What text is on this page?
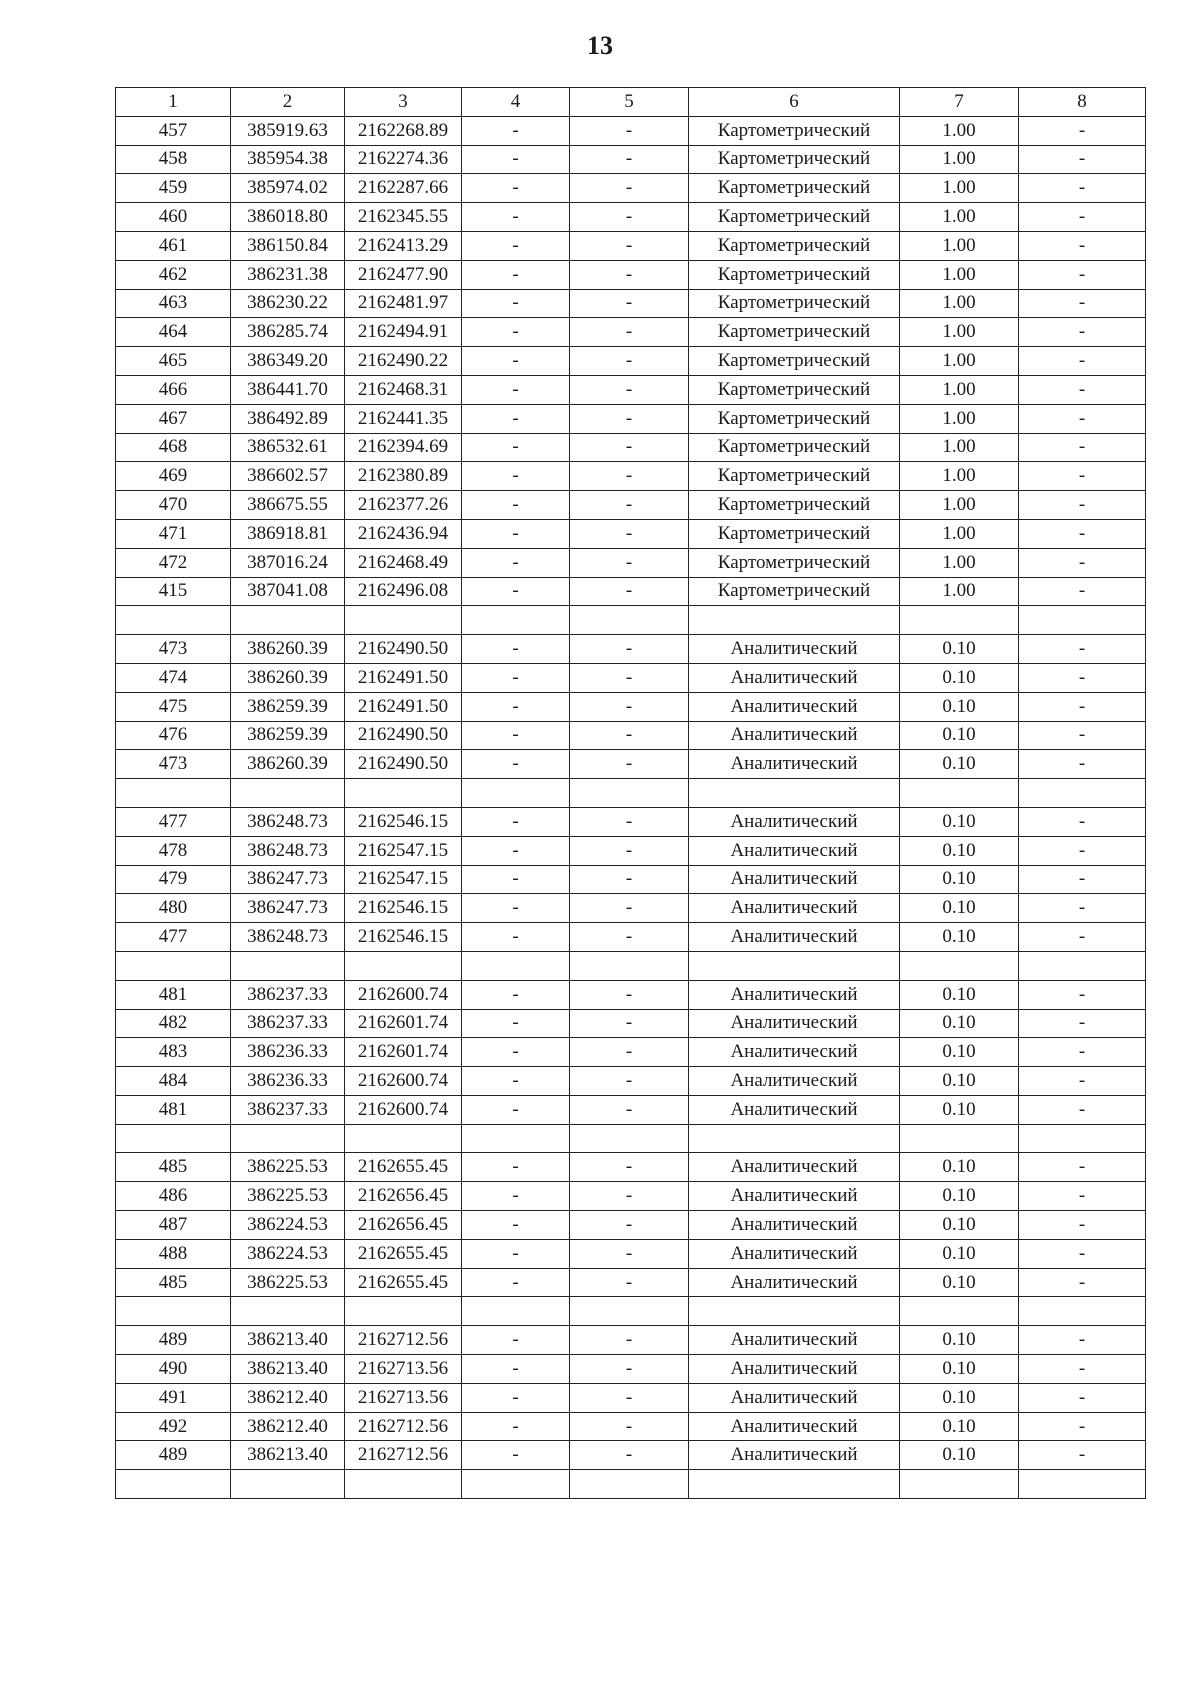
13
1	2	3	4	5	6	7	8
457	385919.63	2162268.89	-	-	Картометрический	1.00	-
458	385954.38	2162274.36	-	-	Картометрический	1.00	-
459	385974.02	2162287.66	-	-	Картометрический	1.00	-
460	386018.80	2162345.55	-	-	Картометрический	1.00	-
461	386150.84	2162413.29	-	-	Картометрический	1.00	-
462	386231.38	2162477.90	-	-	Картометрический	1.00	-
463	386230.22	2162481.97	-	-	Картометрический	1.00	-
464	386285.74	2162494.91	-	-	Картометрический	1.00	-
465	386349.20	2162490.22	-	-	Картометрический	1.00	-
466	386441.70	2162468.31	-	-	Картометрический	1.00	-
467	386492.89	2162441.35	-	-	Картометрический	1.00	-
468	386532.61	2162394.69	-	-	Картометрический	1.00	-
469	386602.57	2162380.89	-	-	Картометрический	1.00	-
470	386675.55	2162377.26	-	-	Картометрический	1.00	-
471	386918.81	2162436.94	-	-	Картометрический	1.00	-
472	387016.24	2162468.49	-	-	Картометрический	1.00	-
415	387041.08	2162496.08	-	-	Картометрический	1.00	-

473	386260.39	2162490.50	-	-	Аналитический	0.10	-
474	386260.39	2162491.50	-	-	Аналитический	0.10	-
475	386259.39	2162491.50	-	-	Аналитический	0.10	-
476	386259.39	2162490.50	-	-	Аналитический	0.10	-
473	386260.39	2162490.50	-	-	Аналитический	0.10	-

477	386248.73	2162546.15	-	-	Аналитический	0.10	-
478	386248.73	2162547.15	-	-	Аналитический	0.10	-
479	386247.73	2162547.15	-	-	Аналитический	0.10	-
480	386247.73	2162546.15	-	-	Аналитический	0.10	-
477	386248.73	2162546.15	-	-	Аналитический	0.10	-

481	386237.33	2162600.74	-	-	Аналитический	0.10	-
482	386237.33	2162601.74	-	-	Аналитический	0.10	-
483	386236.33	2162601.74	-	-	Аналитический	0.10	-
484	386236.33	2162600.74	-	-	Аналитический	0.10	-
481	386237.33	2162600.74	-	-	Аналитический	0.10	-

485	386225.53	2162655.45	-	-	Аналитический	0.10	-
486	386225.53	2162656.45	-	-	Аналитический	0.10	-
487	386224.53	2162656.45	-	-	Аналитический	0.10	-
488	386224.53	2162655.45	-	-	Аналитический	0.10	-
485	386225.53	2162655.45	-	-	Аналитический	0.10	-

489	386213.40	2162712.56	-	-	Аналитический	0.10	-
490	386213.40	2162713.56	-	-	Аналитический	0.10	-
491	386212.40	2162713.56	-	-	Аналитический	0.10	-
492	386212.40	2162712.56	-	-	Аналитический	0.10	-
489	386213.40	2162712.56	-	-	Аналитический	0.10	-
